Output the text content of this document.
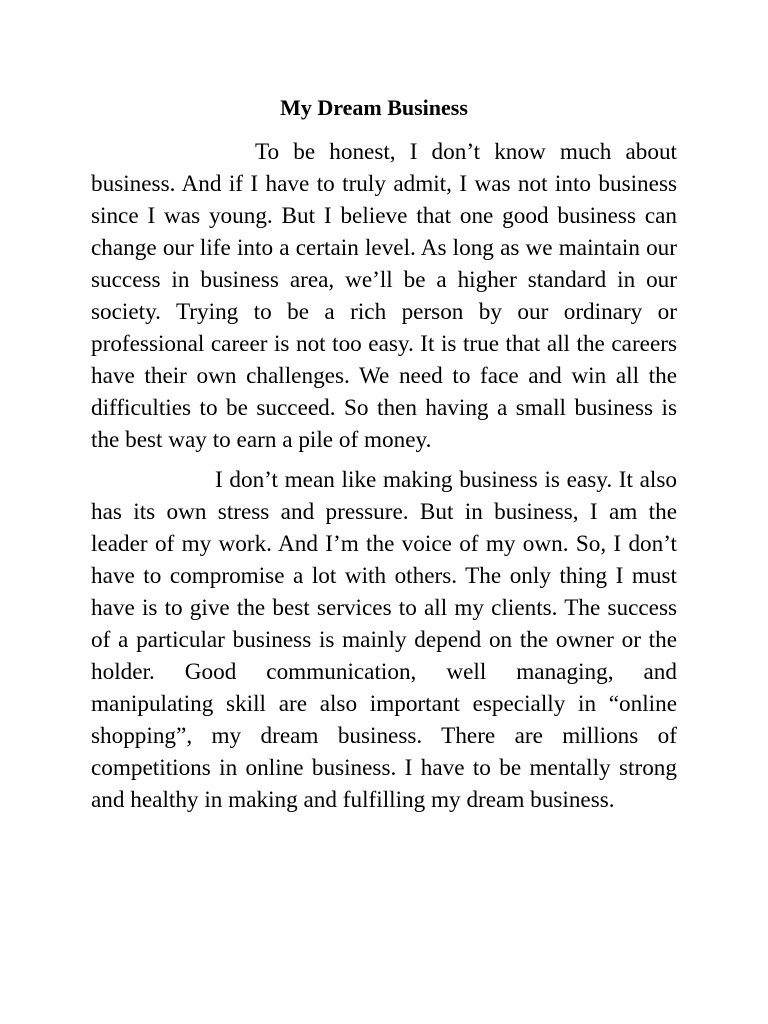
My Dream Business

To be honest, I don’t know much about business. And if I have to truly admit, I was not into business since I was young. But I believe that one good business can change our life into a certain level. As long as we maintain our success in business area, we’ll be a higher standard in our society. Trying to be a rich person by our ordinary or professional career is not too easy. It is true that all the careers have their own challenges. We need to face and win all the difficulties to be succeed. So then having a small business is the best way to earn a pile of money.

I don’t mean like making business is easy. It also has its own stress and pressure. But in business, I am the leader of my work. And I’m the voice of my own. So, I don’t have to compromise a lot with others. The only thing I must have is to give the best services to all my clients. The success of a particular business is mainly depend on the owner or the holder. Good communication, well managing, and manipulating skill are also important especially in “online shopping”, my dream business. There are millions of competitions in online business. I have to be mentally strong and healthy in making and fulfilling my dream business.
